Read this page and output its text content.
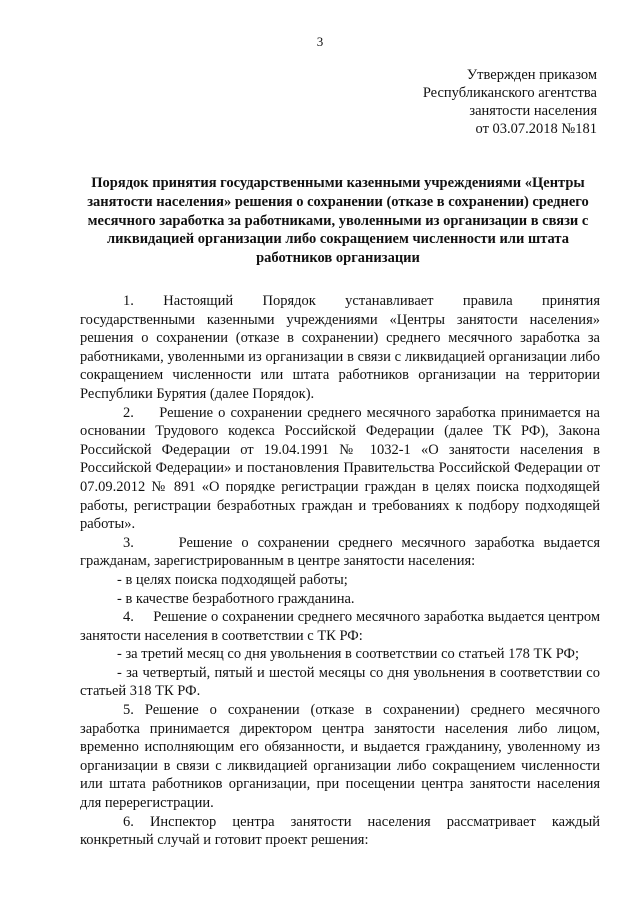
3
Утвержден приказом
Республиканского агентства
занятости населения
от 03.07.2018 №181
Порядок принятия государственными казенными учреждениями «Центры занятости населения» решения о сохранении (отказе в сохранении) среднего месячного заработка за работниками, уволенными из организации в связи с ликвидацией организации либо сокращением численности или штата работников организации

1.     Настоящий     Порядок     устанавливает     правила     принятия государственными казенными учреждениями «Центры занятости населения» решения о сохранении (отказе в сохранении) среднего месячного заработка за работниками, уволенными из организации в связи с ликвидацией организации либо сокращением численности или штата работников организации на территории Республики Бурятия (далее Порядок).

2.     Решение о сохранении среднего месячного заработка принимается на основании Трудового кодекса Российской Федерации (далее ТК РФ), Закона Российской Федерации от 19.04.1991 № 1032-1 «О занятости населения в Российской Федерации» и постановления Правительства Российской Федерации от 07.09.2012 № 891 «О порядке регистрации граждан в целях поиска подходящей работы, регистрации безработных граждан и требованиях к подбору подходящей работы».

3.     Решение о сохранении среднего месячного заработка выдается гражданам, зарегистрированным в центре занятости населения:

- в целях поиска подходящей работы;

- в качестве безработного гражданина.

4.     Решение о сохранении среднего месячного заработка выдается центром занятости населения в соответствии с ТК РФ:

- за третий месяц со дня увольнения в соответствии со статьей 178 ТК РФ;

- за четвертый, пятый и шестой месяцы со дня увольнения в соответствии со статьей 318 ТК РФ.

5. Решение о сохранении (отказе в сохранении) среднего месячного заработка принимается директором центра занятости населения либо лицом, временно исполняющим его обязанности, и выдается гражданину, уволенному из организации в связи с ликвидацией организации либо сокращением численности или штата работников организации, при посещении центра занятости населения для перерегистрации.

6. Инспектор центра занятости населения рассматривает каждый конкретный случай и готовит проект решения:
